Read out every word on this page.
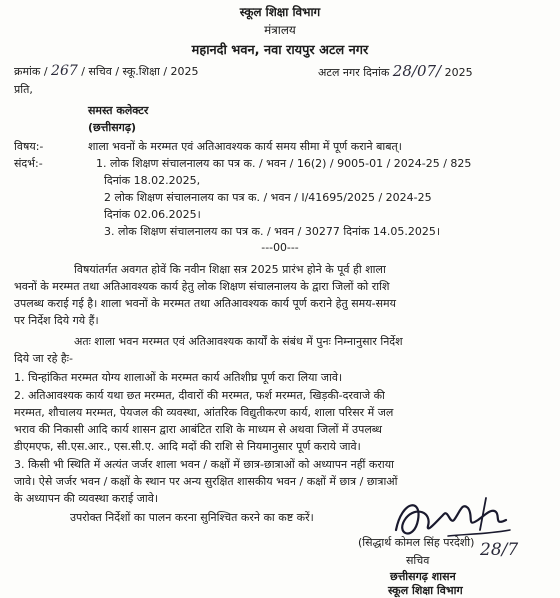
स्कूल शिक्षा विभाग
मंत्रालय
महानदी भवन, नवा रायपुर अटल नगर
क्रमांक / 267 / सचिव / स्कू.शिक्षा / 2025	अटल नगर दिनांक 28/07/ 2025
प्रति,
समस्त कलेक्टर
(छत्तीसगढ़)
विषय:-	शाला भवनों के मरम्मत एवं अतिआवश्यक कार्य समय सीमा में पूर्ण कराने बाबत्।
संदर्भ:-	1. लोक शिक्षण संचालनालय का पत्र क. / भवन / 16(2) / 9005-01 / 2024-25 / 825
दिनांक 18.02.2025,
2 लोक शिक्षण संचालनालय का पत्र क. / भवन / I/41695/2025 / 2024-25
दिनांक 02.06.2025।
3. लोक शिक्षण संचालनालय का पत्र क. / भवन / 30277 दिनांक 14.05.2025।
---00---
विषयांतर्गत अवगत होवें कि नवीन शिक्षा सत्र 2025 प्रारंभ होने के पूर्व ही शाला
भवनों के मरम्मत तथा अतिआवश्यक कार्य हेतु लोक शिक्षण संचालनालय के द्वारा जिलों को राशि
उपलब्ध कराई गई है। शाला भवनों के मरम्मत तथा अतिआवश्यक कार्य पूर्ण कराने हेतु समय-समय
पर निर्देश दिये गये हैं।
अतः शाला भवन मरम्मत एवं अतिआवश्यक कार्यों के संबंध में पुनः निम्नानुसार निर्देश
दिये जा रहे हैः-
1. चिन्हांकित मरम्मत योग्य शालाओं के मरम्मत कार्य अतिशीघ्र पूर्ण करा लिया जावे।
2. अतिआवश्यक कार्य यथा छत मरम्मत, दीवारों की मरम्मत, फर्श मरम्मत, खिड़की-दरवाजे की
मरम्मत, शौचालय मरम्मत, पेयजल की व्यवस्था, आंतरिक विद्युतीकरण कार्य, शाला परिसर में जल
भराव की निकासी आदि कार्य शासन द्वारा आबंटित राशि के माध्यम से अथवा जिलों में उपलब्ध
डीएमएफ, सी.एस.आर., एस.सी.ए. आदि मदों की राशि से नियमानुसार पूर्ण कराये जावे।
3. किसी भी स्थिति में अत्यंत जर्जर शाला भवन / कक्षों में छात्र-छात्राओं को अध्यापन नहीं कराया
जावे। ऐसे जर्जर भवन / कक्षों के स्थान पर अन्य सुरक्षित शासकीय भवन / कक्षों में छात्र / छात्राओं
के अध्यापन की व्यवस्था कराई जावे।
उपरोक्त निर्देशों का पालन करना सुनिश्चित करने का कष्ट करें।
(सिद्धार्थ कोमल सिंह परदेशी)
सचिव
28/7
छत्तीसगढ़ शासन
स्कूल शिक्षा विभाग
